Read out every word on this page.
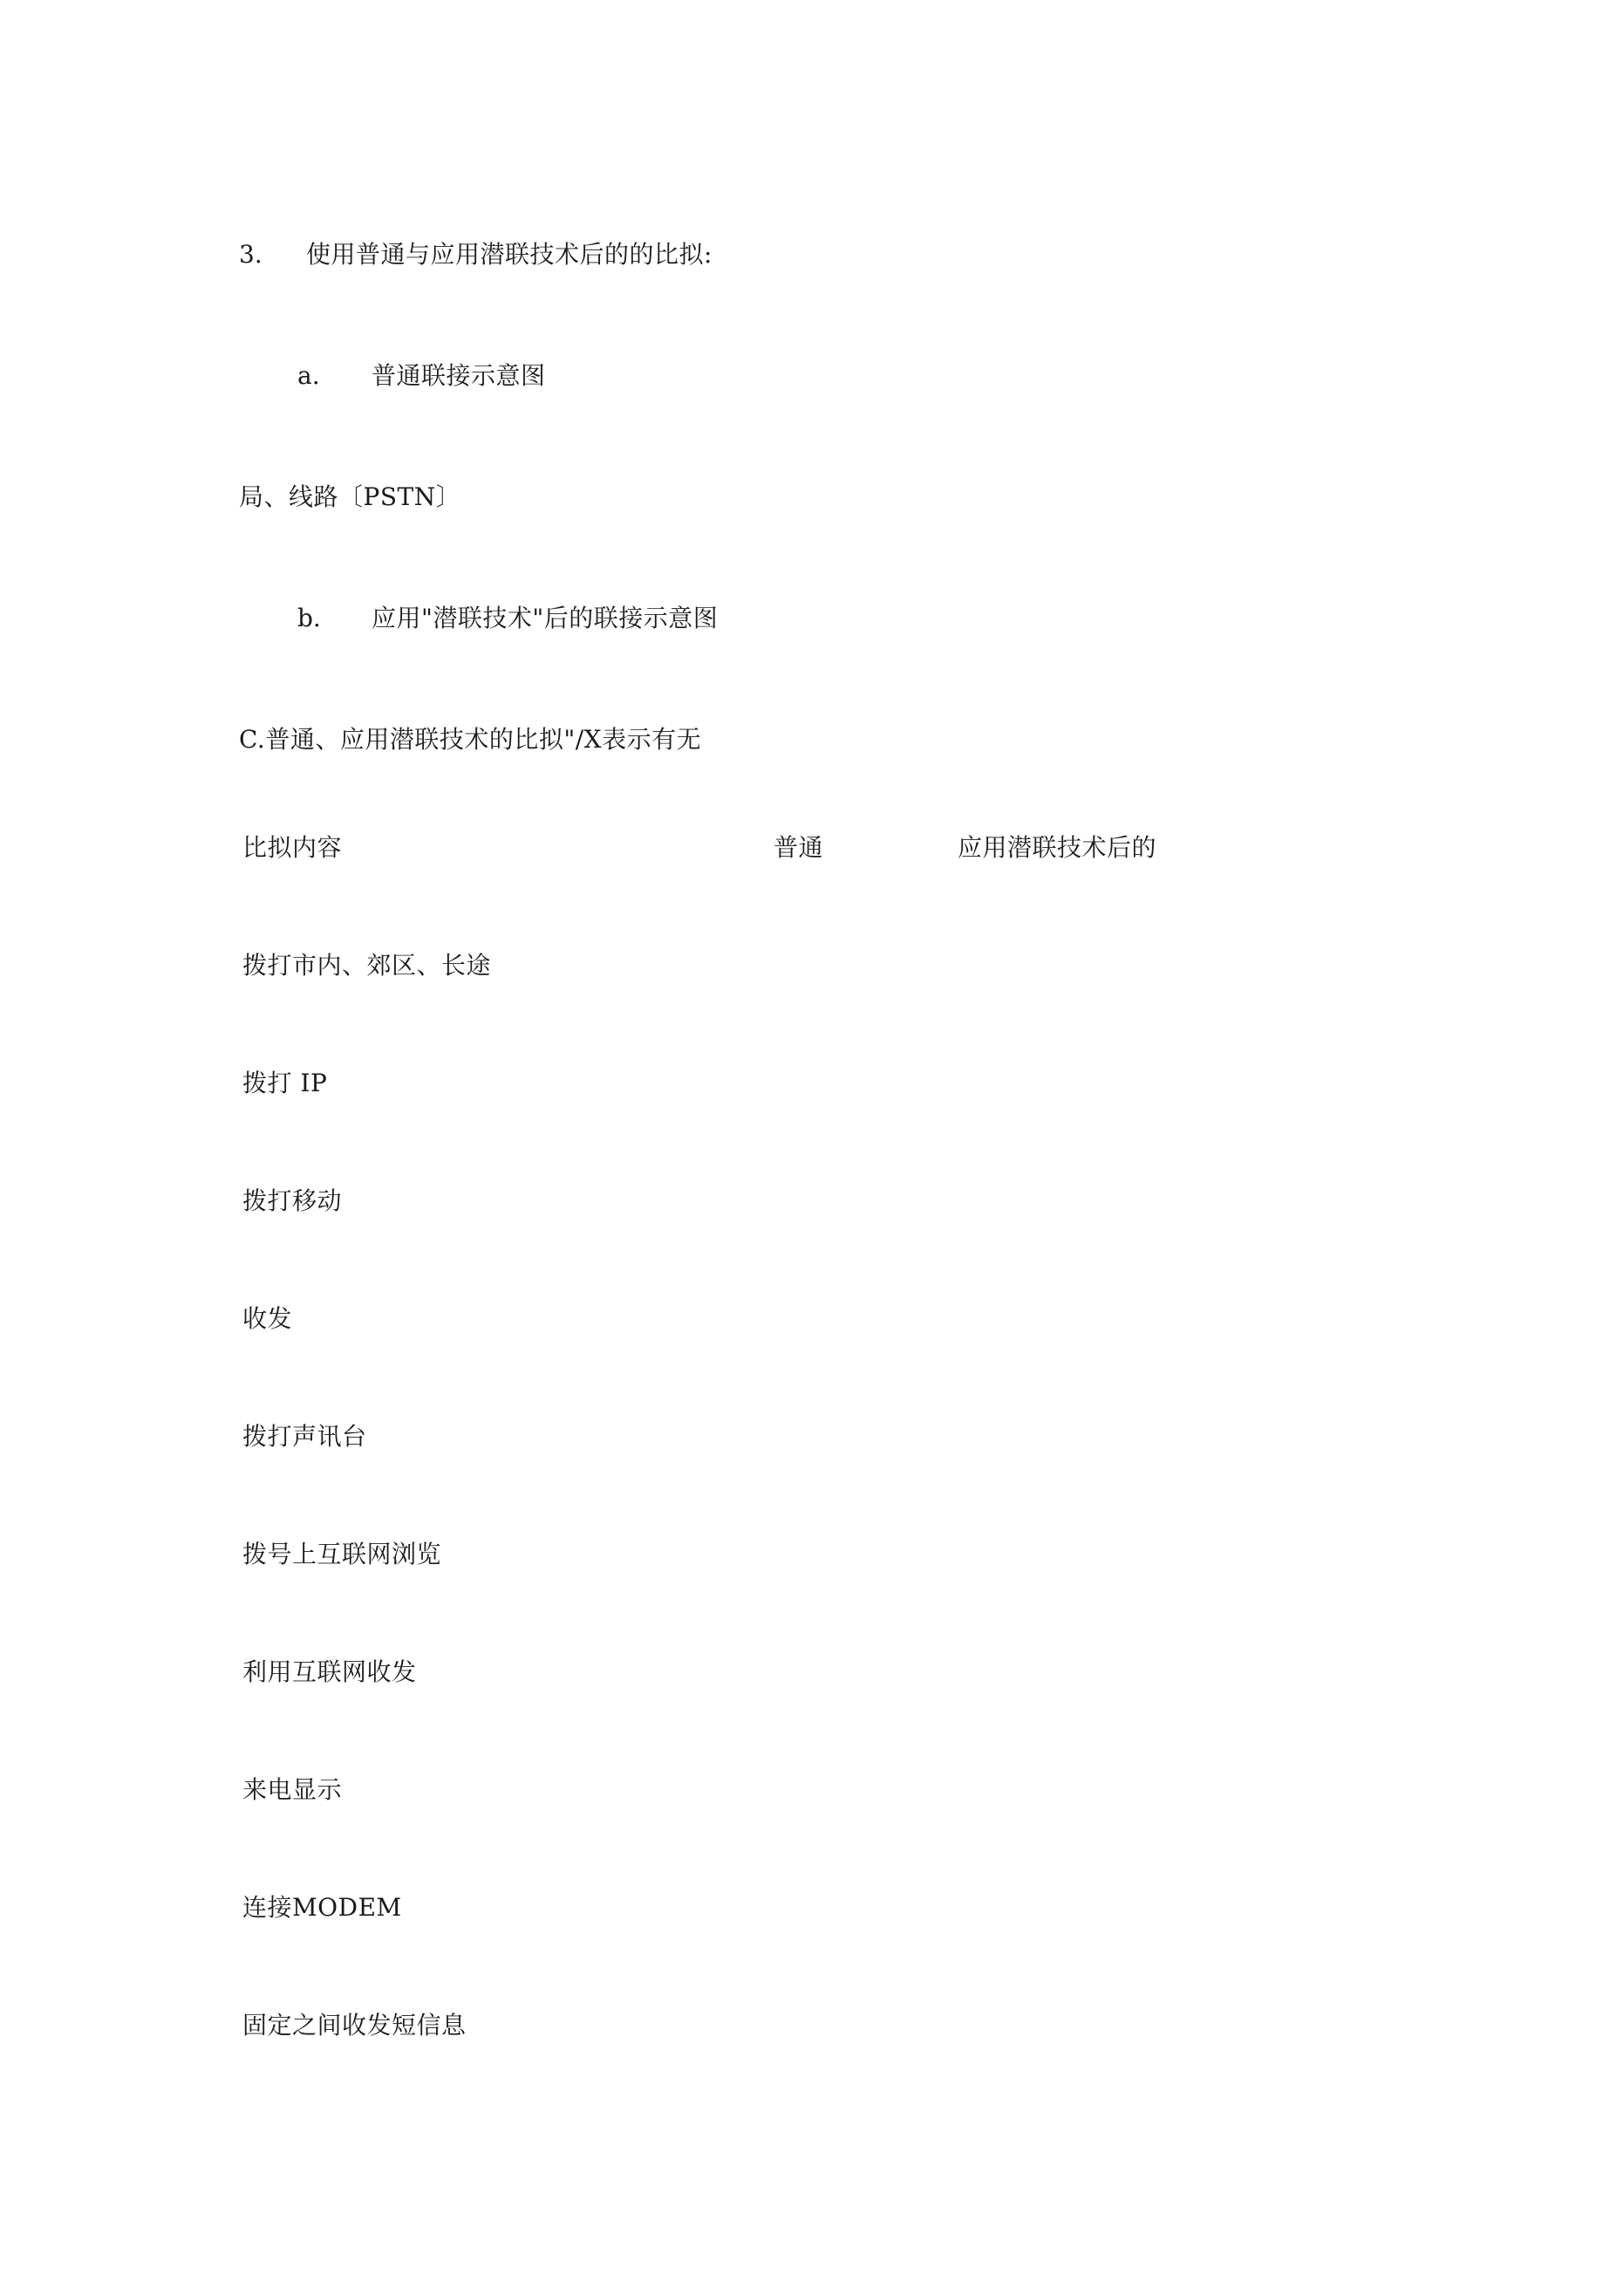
3. 使用普通与应用潜联技术后的的比拟:
a. 普通联接示意图
局、线路〔PSTN〕
b. 应用"潜联技术"后的联接示意图
C.普通、应用潜联技术的比拟"/X表示有无
比拟内容	普通	应用潜联技术后的
拨打市内、郊区、长途
拨打 IP
拨打移动
收发
拨打声讯台
拨号上互联网浏览
利用互联网收发
来电显示
连接MODEM
固定之间收发短信息
